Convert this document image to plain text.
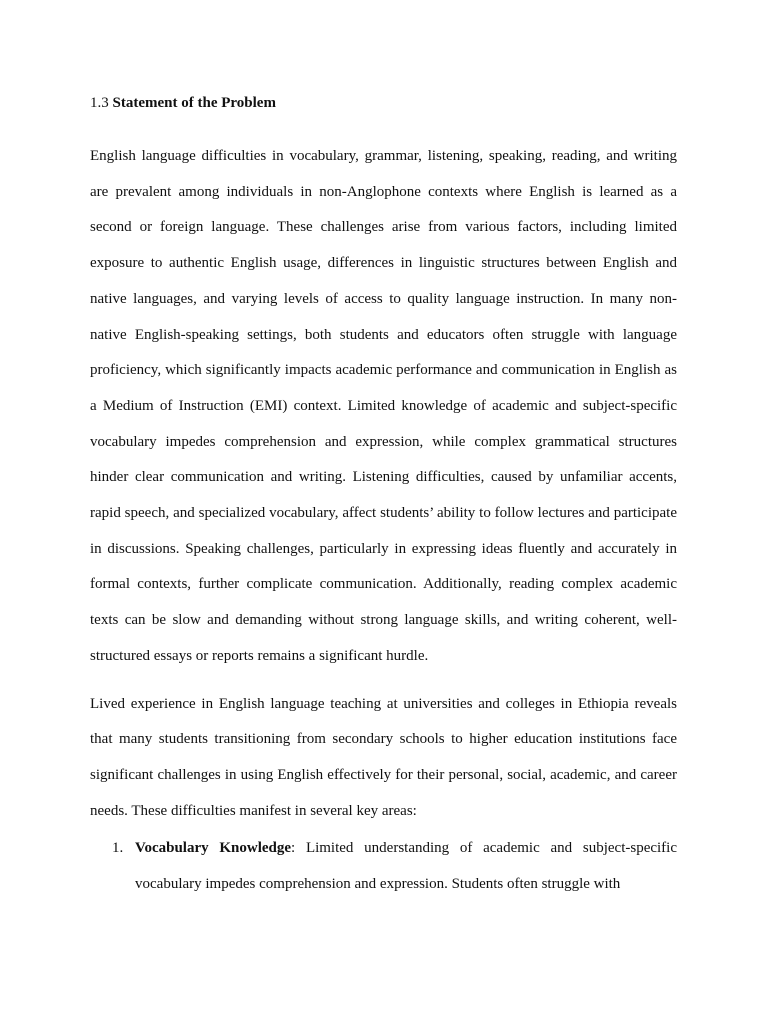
1.3 Statement of the Problem

English language difficulties in vocabulary, grammar, listening, speaking, reading, and writing are prevalent among individuals in non-Anglophone contexts where English is learned as a second or foreign language. These challenges arise from various factors, including limited exposure to authentic English usage, differences in linguistic structures between English and native languages, and varying levels of access to quality language instruction. In many non-native English-speaking settings, both students and educators often struggle with language proficiency, which significantly impacts academic performance and communication in English as a Medium of Instruction (EMI) context. Limited knowledge of academic and subject-specific vocabulary impedes comprehension and expression, while complex grammatical structures hinder clear communication and writing. Listening difficulties, caused by unfamiliar accents, rapid speech, and specialized vocabulary, affect students’ ability to follow lectures and participate in discussions. Speaking challenges, particularly in expressing ideas fluently and accurately in formal contexts, further complicate communication. Additionally, reading complex academic texts can be slow and demanding without strong language skills, and writing coherent, well-structured essays or reports remains a significant hurdle.

Lived experience in English language teaching at universities and colleges in Ethiopia reveals that many students transitioning from secondary schools to higher education institutions face significant challenges in using English effectively for their personal, social, academic, and career needs. These difficulties manifest in several key areas:

1. Vocabulary Knowledge: Limited understanding of academic and subject-specific vocabulary impedes comprehension and expression. Students often struggle with
